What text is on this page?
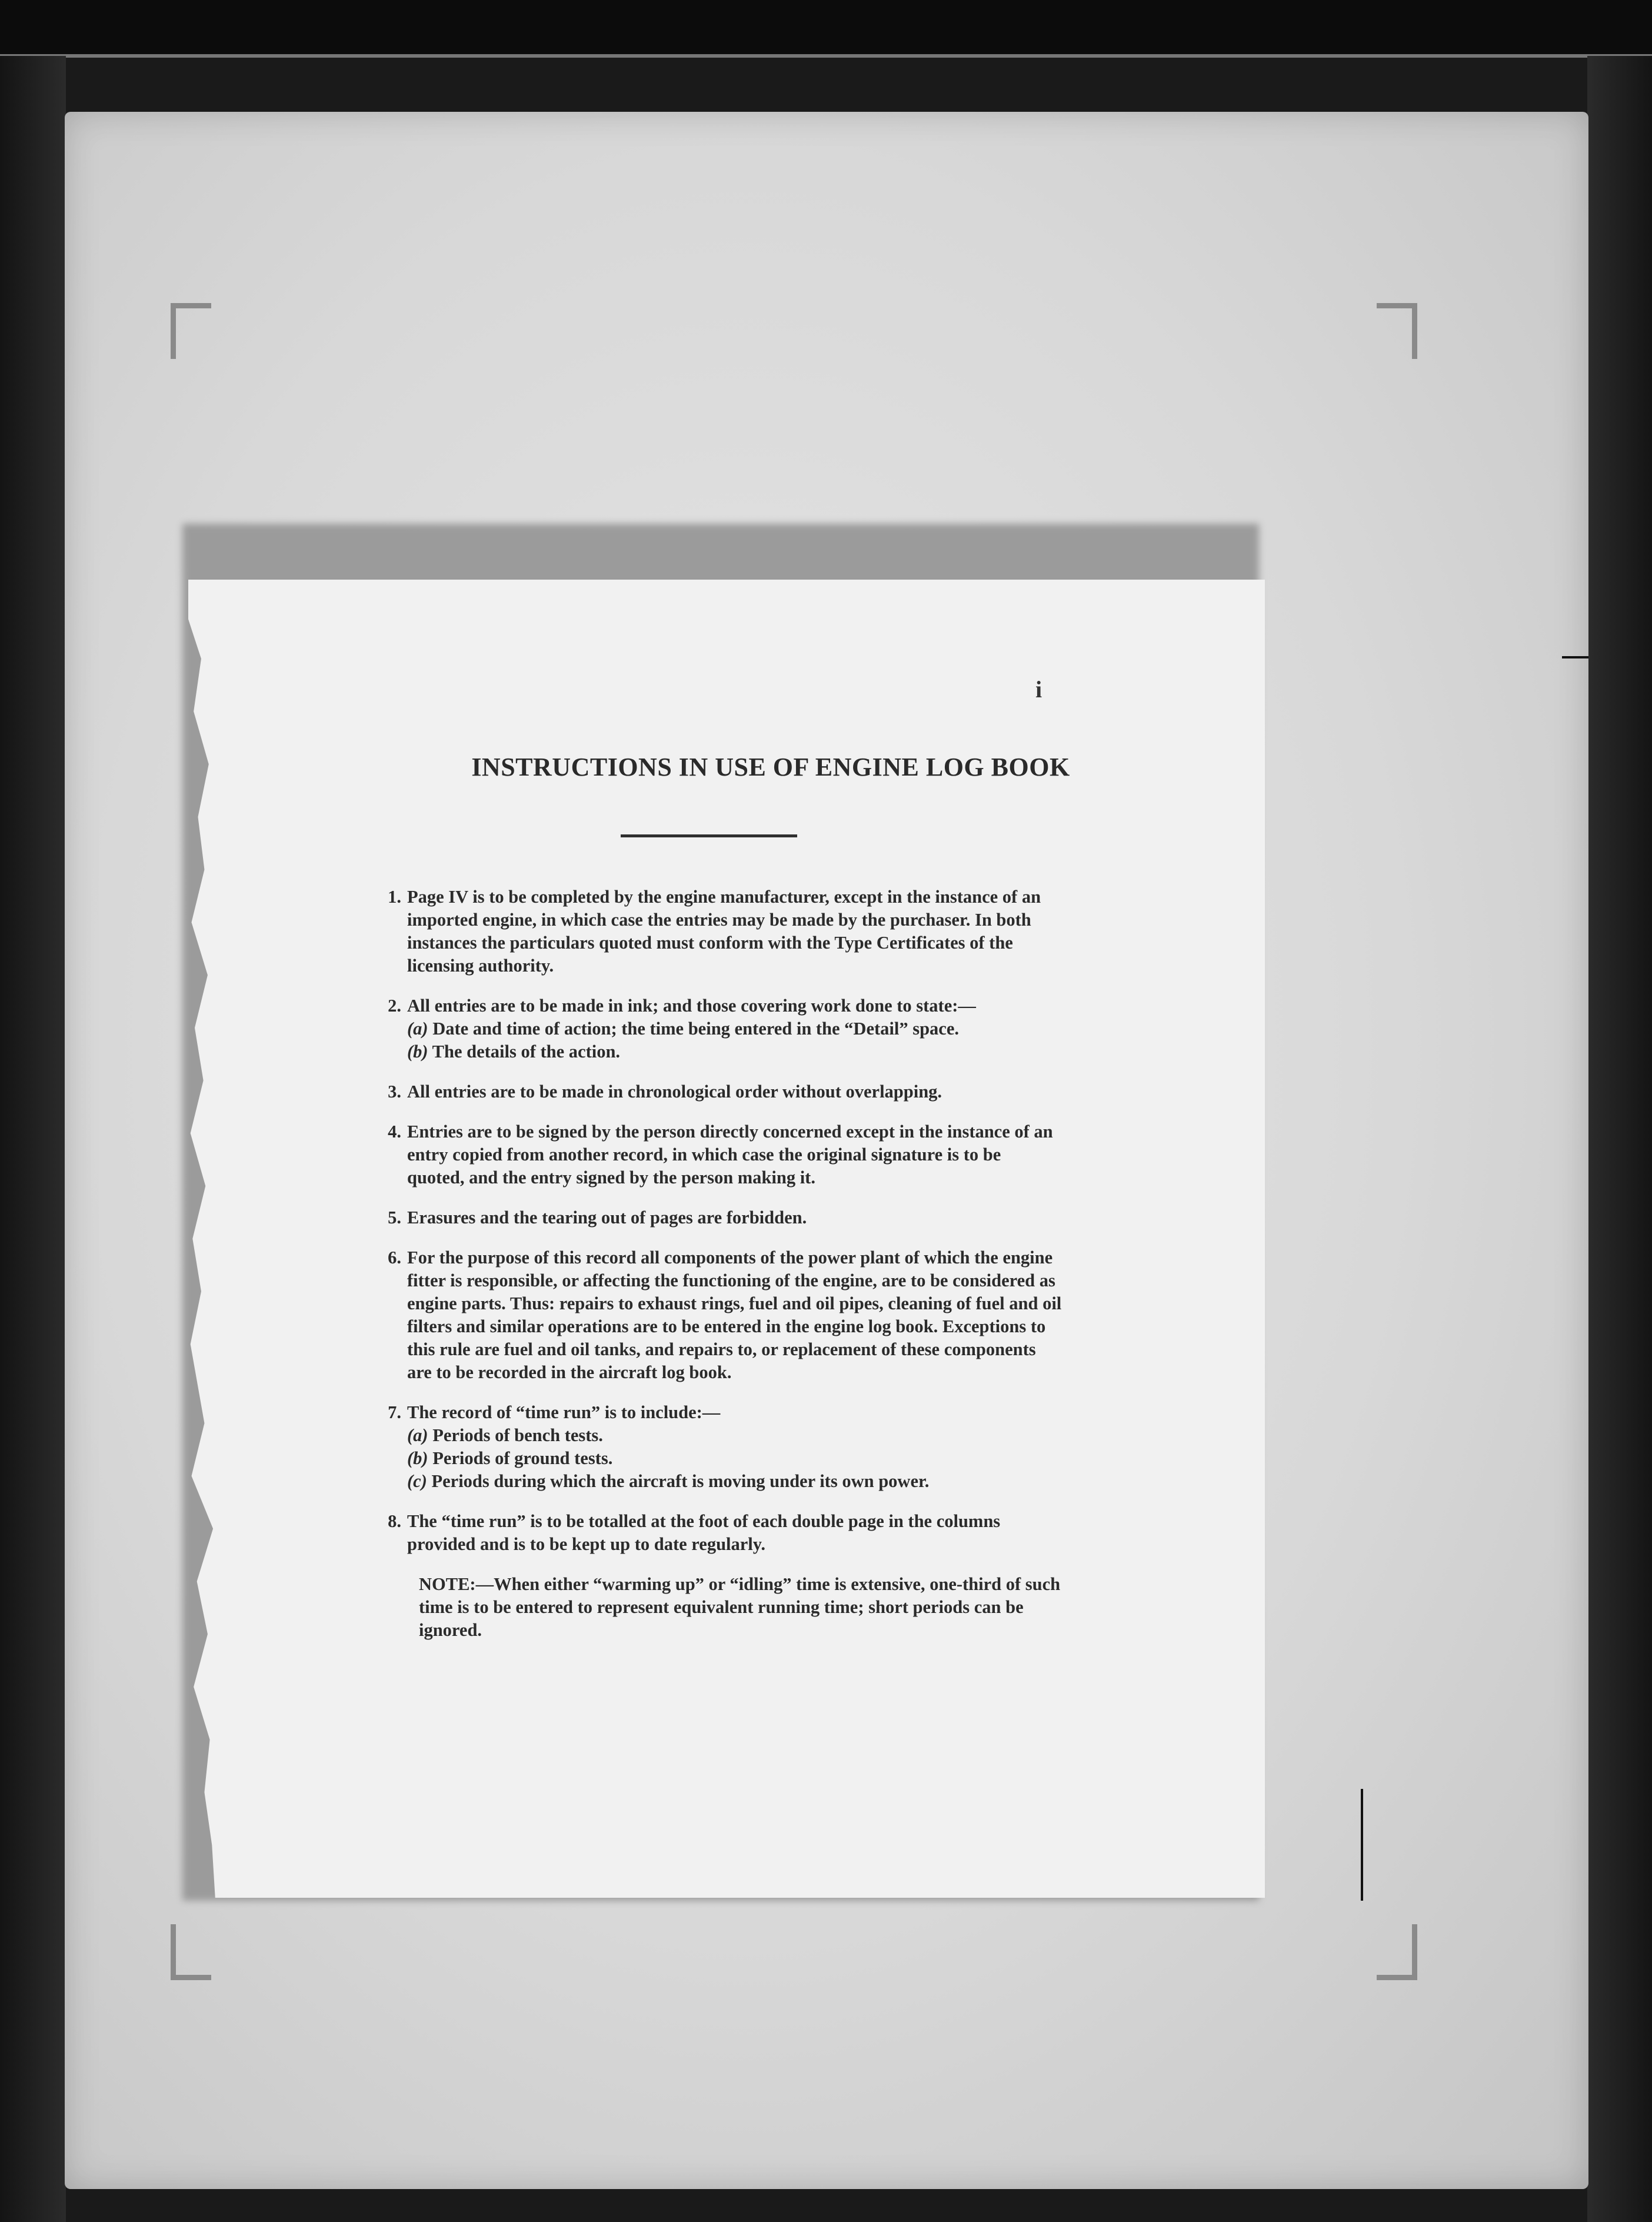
i
INSTRUCTIONS IN USE OF ENGINE LOG BOOK
1. Page IV is to be completed by the engine manufacturer, except in the instance of an imported engine, in which case the entries may be made by the purchaser. In both instances the particulars quoted must conform with the Type Certificates of the licensing authority.
2. All entries are to be made in ink; and those covering work done to state:—
(a) Date and time of action; the time being entered in the “Detail” space.
(b) The details of the action.
3. All entries are to be made in chronological order without overlapping.
4. Entries are to be signed by the person directly concerned except in the instance of an entry copied from another record, in which case the original signature is to be quoted, and the entry signed by the person making it.
5. Erasures and the tearing out of pages are forbidden.
6. For the purpose of this record all components of the power plant of which the engine fitter is responsible, or affecting the functioning of the engine, are to be considered as engine parts. Thus: repairs to exhaust rings, fuel and oil pipes, cleaning of fuel and oil filters and similar operations are to be entered in the engine log book. Exceptions to this rule are fuel and oil tanks, and repairs to, or replacement of these components are to be recorded in the aircraft log book.
7. The record of “time run” is to include:—
(a) Periods of bench tests.
(b) Periods of ground tests.
(c) Periods during which the aircraft is moving under its own power.
8. The “time run” is to be totalled at the foot of each double page in the columns provided and is to be kept up to date regularly.
NOTE:—When either “warming up” or “idling” time is extensive, one-third of such time is to be entered to represent equivalent running time; short periods can be ignored.
